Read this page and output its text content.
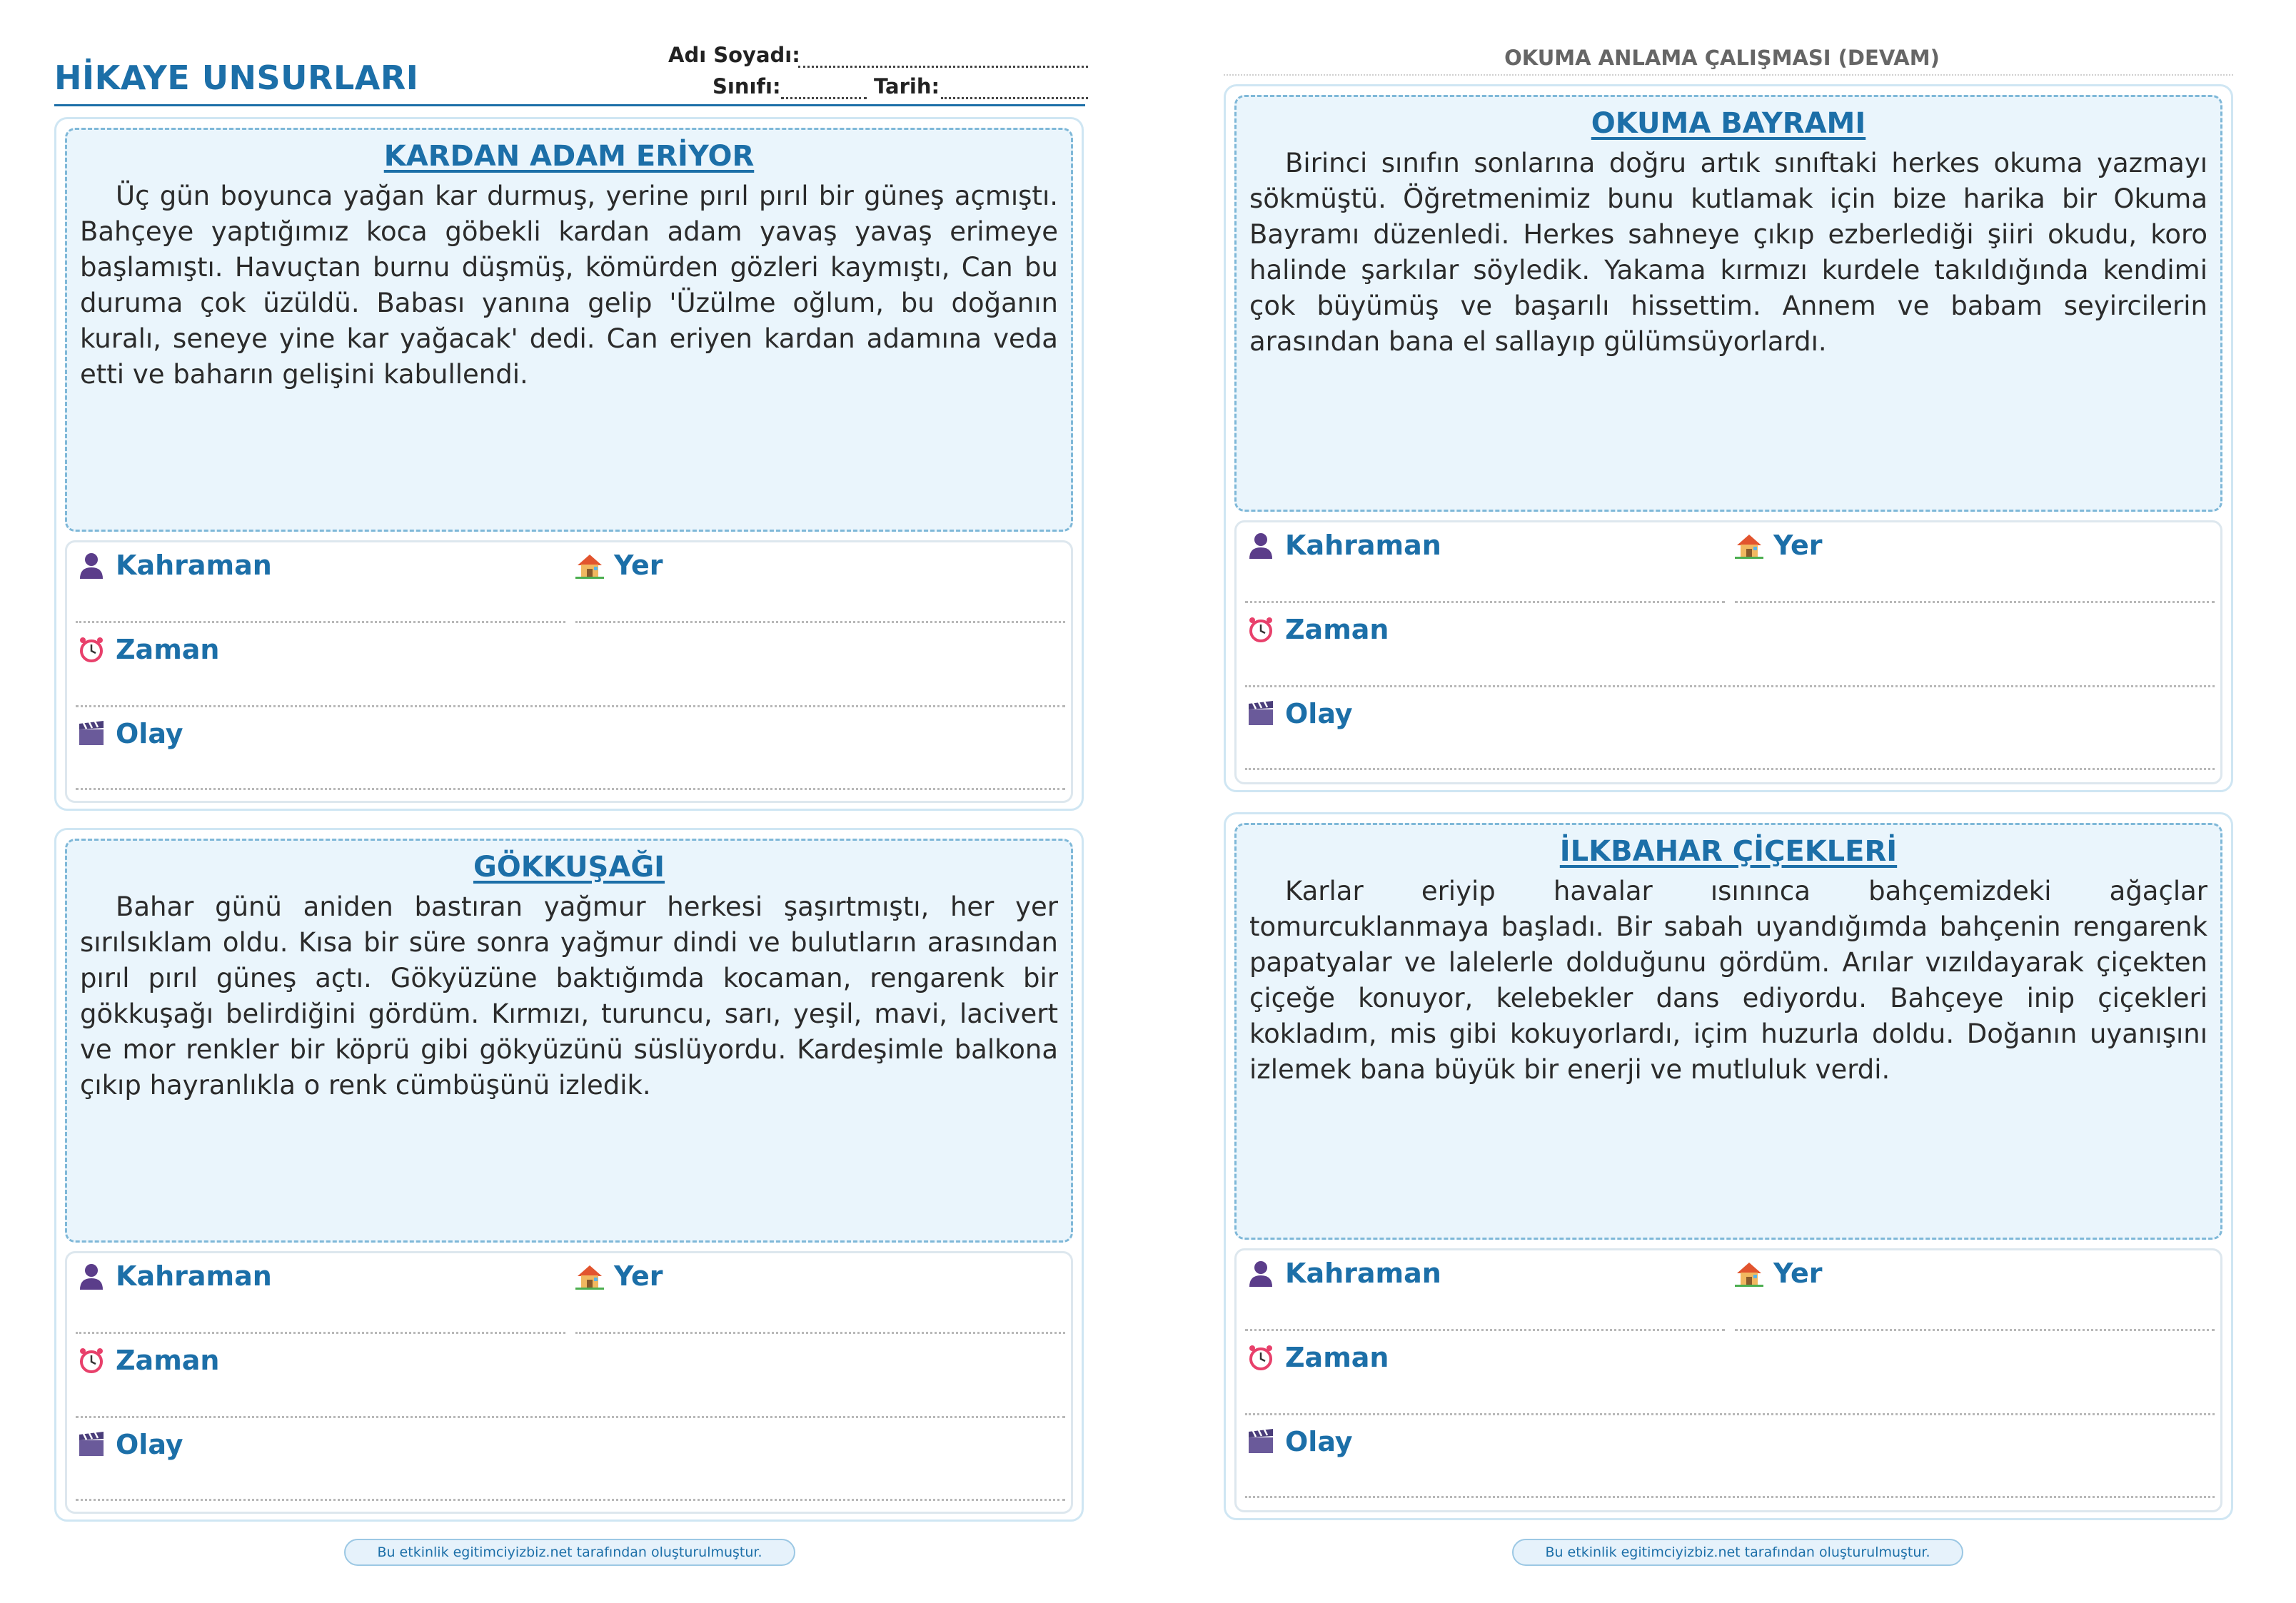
HİKAYE UNSURLARI
Adı Soyadı:
Sınıfı:	Tarih:
KARDAN ADAM ERİYOR
Üç gün boyunca yağan kar durmuş, yerine pırıl pırıl bir güneş açmıştı. Bahçeye yaptığımız koca göbekli kardan adam yavaş yavaş erimeye başlamıştı. Havuçtan burnu düşmüş, kömürden gözleri kaymıştı, Can bu duruma çok üzüldü. Babası yanına gelip 'Üzülme oğlum, bu doğanın kuralı, seneye yine kar yağacak' dedi. Can eriyen kardan adamına veda etti ve baharın gelişini kabullendi.
Kahraman	Yer
Zaman
Olay
GÖKKUŞAĞI
Bahar günü aniden bastıran yağmur herkesi şaşırtmıştı, her yer sırılsıklam oldu. Kısa bir süre sonra yağmur dindi ve bulutların arasından pırıl pırıl güneş açtı. Gökyüzüne baktığımda kocaman, rengarenk bir gökkuşağı belirdiğini gördüm. Kırmızı, turuncu, sarı, yeşil, mavi, lacivert ve mor renkler bir köprü gibi gökyüzünü süslüyordu. Kardeşimle balkona çıkıp hayranlıkla o renk cümbüşünü izledik.
Kahraman	Yer
Zaman
Olay
Bu etkinlik egitimciyizbiz.net tarafından oluşturulmuştur.
OKUMA ANLAMA ÇALIŞMASI (DEVAM)
OKUMA BAYRAMI
Birinci sınıfın sonlarına doğru artık sınıftaki herkes okuma yazmayı sökmüştü. Öğretmenimiz bunu kutlamak için bize harika bir Okuma Bayramı düzenledi. Herkes sahneye çıkıp ezberlediği şiiri okudu, koro halinde şarkılar söyledik. Yakama kırmızı kurdele takıldığında kendimi çok büyümüş ve başarılı hissettim. Annem ve babam seyircilerin arasından bana el sallayıp gülümsüyorlardı.
Kahraman	Yer
Zaman
Olay
İLKBAHAR ÇİÇEKLERİ
Karlar eriyip havalar ısınınca bahçemizdeki ağaçlar tomurcuklanmaya başladı. Bir sabah uyandığımda bahçenin rengarenk papatyalar ve lalelerle dolduğunu gördüm. Arılar vızıldayarak çiçekten çiçeğe konuyor, kelebekler dans ediyordu. Bahçeye inip çiçekleri kokladım, mis gibi kokuyorlardı, içim huzurla doldu. Doğanın uyanışını izlemek bana büyük bir enerji ve mutluluk verdi.
Kahraman	Yer
Zaman
Olay
Bu etkinlik egitimciyizbiz.net tarafından oluşturulmuştur.
